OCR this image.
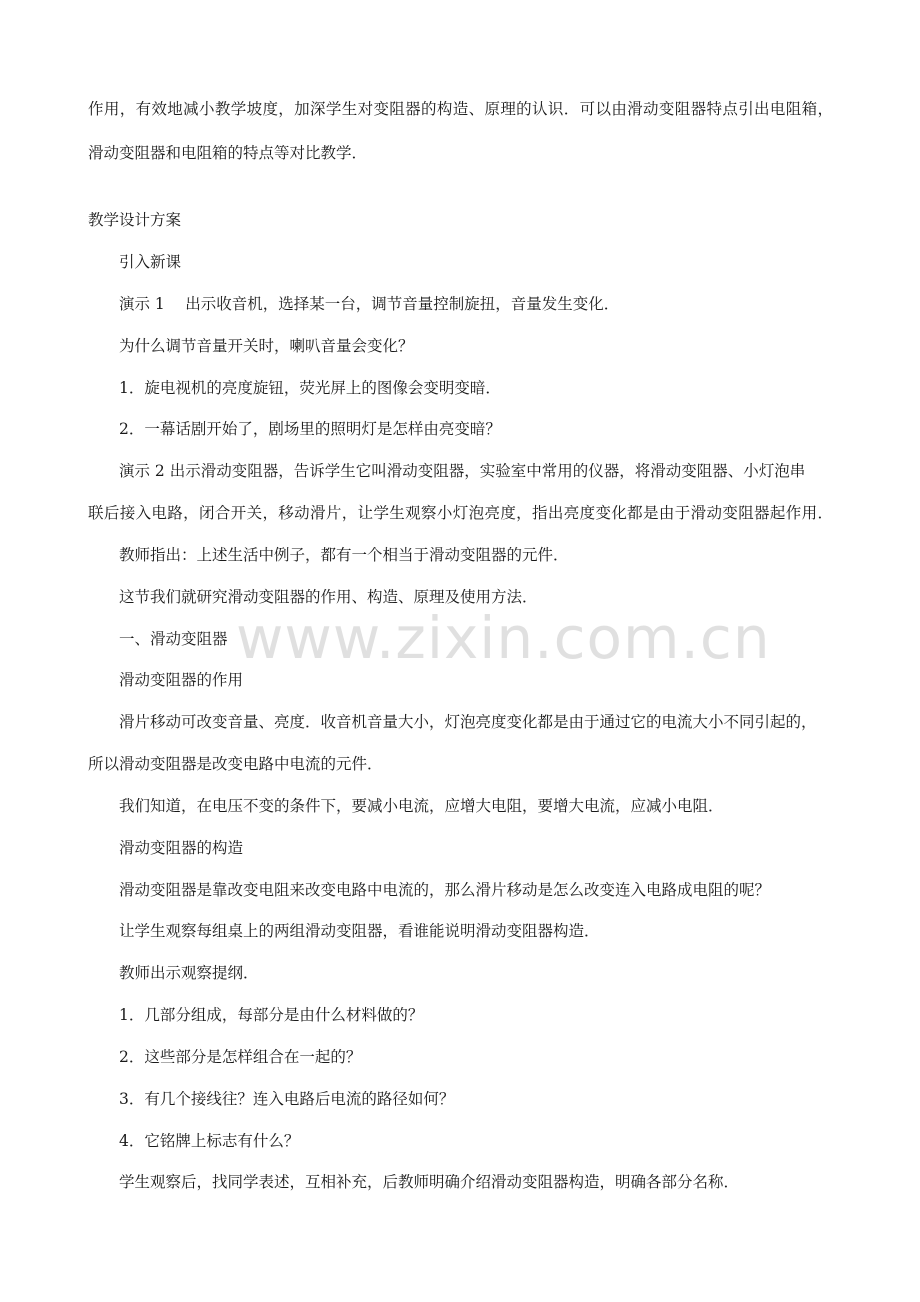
作用，有效地减小教学坡度，加深学生对变阻器的构造、原理的认识．可以由滑动变阻器特点引出电阻箱，
滑动变阻器和电阻箱的特点等对比教学．
教学设计方案
引入新课
演示 1　 出示收音机，选择某一台，调节音量控制旋扭，音量发生变化．
为什么调节音量开关时，喇叭音量会变化？
1．旋电视机的亮度旋钮，荧光屏上的图像会变明变暗．
2．一幕话剧开始了，剧场里的照明灯是怎样由亮变暗？
演示 2 出示滑动变阻器，告诉学生它叫滑动变阻器，实验室中常用的仪器，将滑动变阻器、小灯泡串
联后接入电路，闭合开关，移动滑片，让学生观察小灯泡亮度，指出亮度变化都是由于滑动变阻器起作用．
教师指出：上述生活中例子，都有一个相当于滑动变阻器的元件．
这节我们就研究滑动变阻器的作用、构造、原理及使用方法．
一、滑动变阻器
滑动变阻器的作用
滑片移动可改变音量、亮度．收音机音量大小，灯泡亮度变化都是由于通过它的电流大小不同引起的，
所以滑动变阻器是改变电路中电流的元件．
我们知道，在电压不变的条件下，要减小电流，应增大电阻，要增大电流，应减小电阻．
滑动变阻器的构造
滑动变阻器是靠改变电阻来改变电路中电流的，那么滑片移动是怎么改变连入电路成电阻的呢？
让学生观察每组桌上的两组滑动变阻器，看谁能说明滑动变阻器构造．
教师出示观察提纲．
1．几部分组成，每部分是由什么材料做的？
2．这些部分是怎样组合在一起的？
3．有几个接线往？连入电路后电流的路径如何？
4．它铭牌上标志有什么？
学生观察后，找同学表述，互相补充，后教师明确介绍滑动变阻器构造，明确各部分名称．
www.zixin.com.cn
